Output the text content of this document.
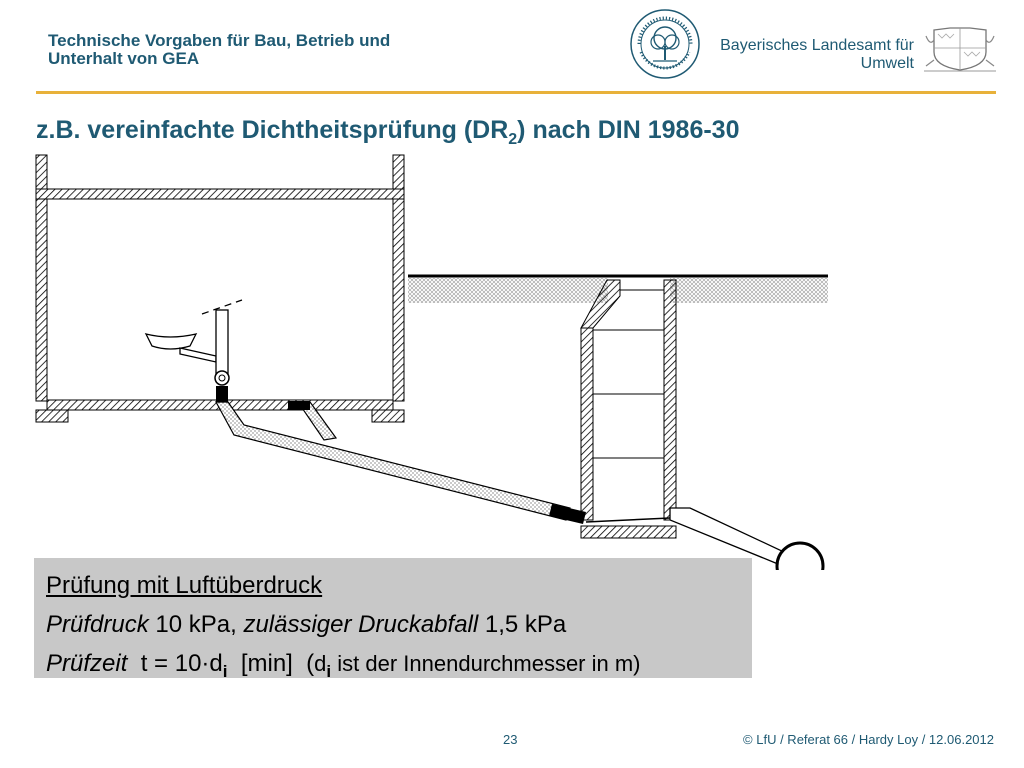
Technische Vorgaben für Bau, Betrieb und
Unterhalt von GEA
Bayerisches Landesamt für
Umwelt
z.B. vereinfachte Dichtheitsprüfung $(DR_2)$ nach DIN 1986-30
Prüfung mit Luftüberdruck
Prüfdruck 10 kPa, zulässiger Druckabfall 1,5 kPa
Prüfzeit  $t = 10\cdot d_i$  [min]  ($d_i$ ist der Innendurchmesser in m)
23	© LfU / Referat 66 / Hardy Loy / 12.06.2012
